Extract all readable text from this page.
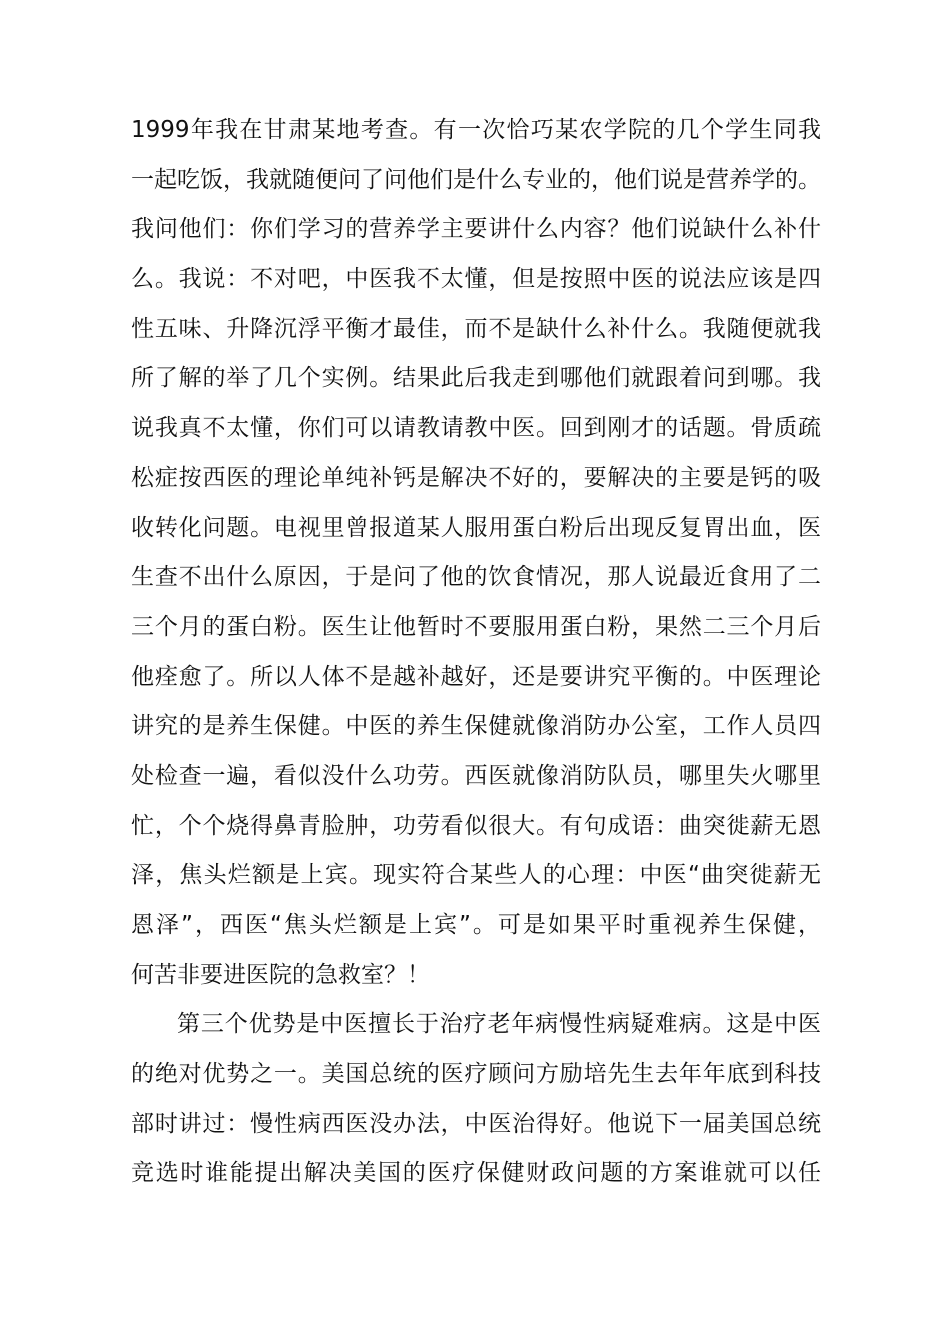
1999年我在甘肃某地考查。有一次恰巧某农学院的几个学生同我
一起吃饭，我就随便问了问他们是什么专业的，他们说是营养学的。
我问他们：你们学习的营养学主要讲什么内容？他们说缺什么补什
么。我说：不对吧，中医我不太懂，但是按照中医的说法应该是四
性五味、升降沉浮平衡才最佳，而不是缺什么补什么。我随便就我
所了解的举了几个实例。结果此后我走到哪他们就跟着问到哪。我
说我真不太懂，你们可以请教请教中医。回到刚才的话题。骨质疏
松症按西医的理论单纯补钙是解决不好的，要解决的主要是钙的吸
收转化问题。电视里曾报道某人服用蛋白粉后出现反复胃出血，医
生查不出什么原因，于是问了他的饮食情况，那人说最近食用了二
三个月的蛋白粉。医生让他暂时不要服用蛋白粉，果然二三个月后
他痊愈了。所以人体不是越补越好，还是要讲究平衡的。中医理论
讲究的是养生保健。中医的养生保健就像消防办公室，工作人员四
处检查一遍，看似没什么功劳。西医就像消防队员，哪里失火哪里
忙，个个烧得鼻青脸肿，功劳看似很大。有句成语：曲突徙薪无恩
泽，焦头烂额是上宾。现实符合某些人的心理：中医“曲突徙薪无
恩泽”，西医“焦头烂额是上宾”。可是如果平时重视养生保健，
何苦非要进医院的急救室？！
第三个优势是中医擅长于治疗老年病慢性病疑难病。这是中医
的绝对优势之一。美国总统的医疗顾问方励培先生去年年底到科技
部时讲过：慢性病西医没办法，中医治得好。他说下一届美国总统
竞选时谁能提出解决美国的医疗保健财政问题的方案谁就可以任
